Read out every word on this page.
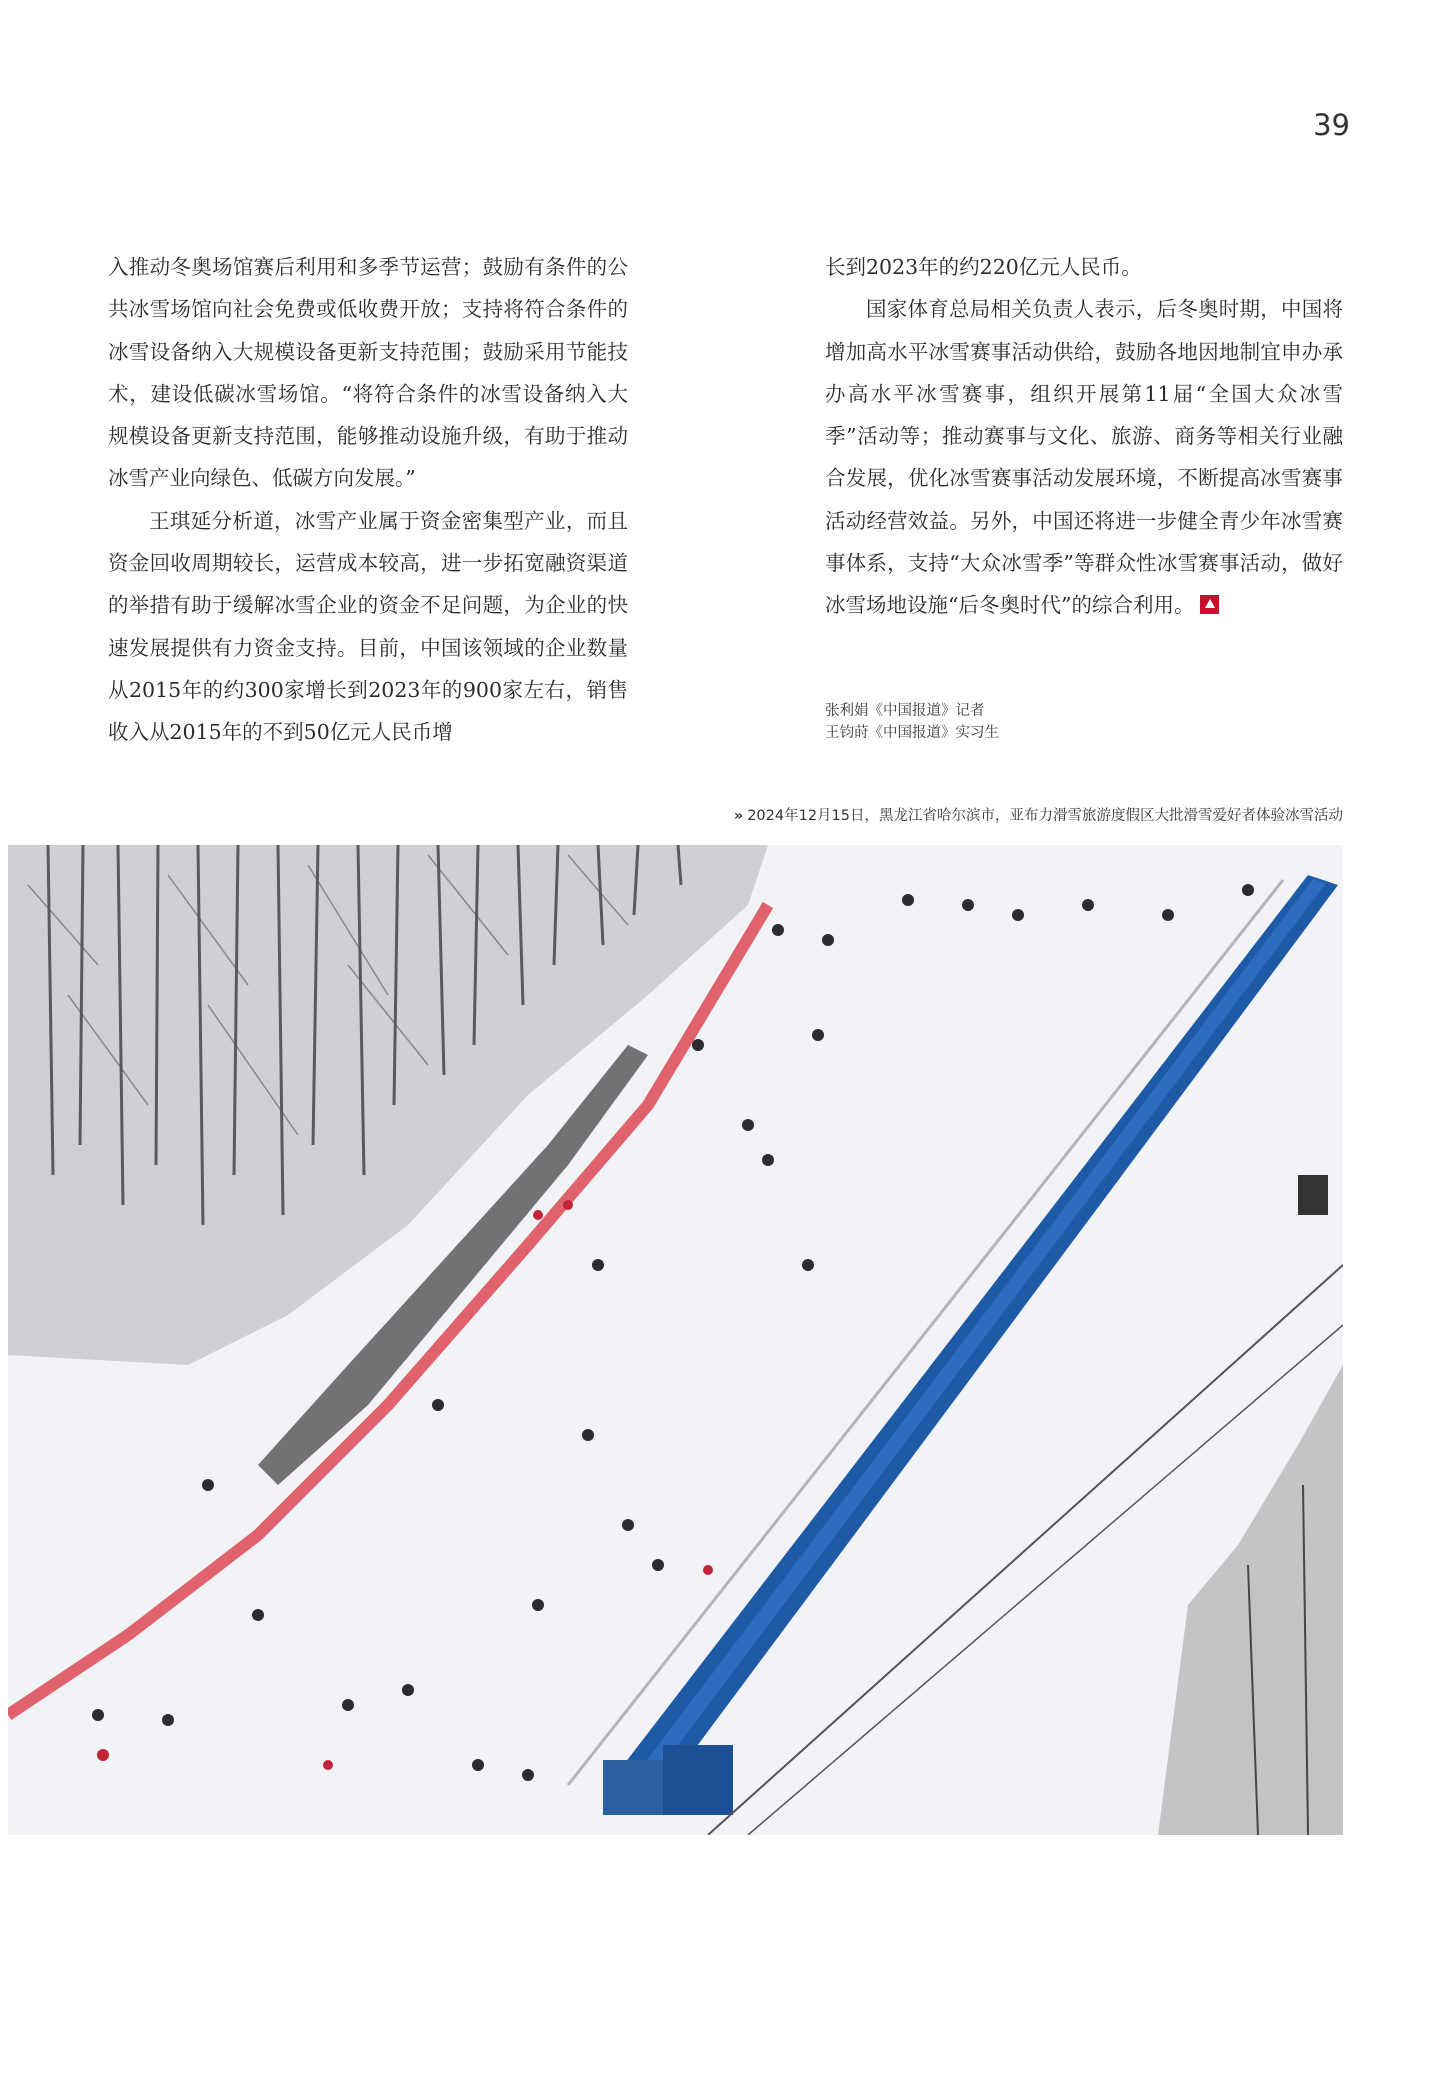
39

入推动冬奥场馆赛后利用和多季节运营；鼓励有条件的公共冰雪场馆向社会免费或低收费开放；支持将符合条件的冰雪设备纳入大规模设备更新支持范围；鼓励采用节能技术，建设低碳冰雪场馆。“将符合条件的冰雪设备纳入大规模设备更新支持范围，能够推动设施升级，有助于推动冰雪产业向绿色、低碳方向发展。”

王琪延分析道，冰雪产业属于资金密集型产业，而且资金回收周期较长，运营成本较高，进一步拓宽融资渠道的举措有助于缓解冰雪企业的资金不足问题，为企业的快速发展提供有力资金支持。目前，中国该领域的企业数量从2015年的约300家增长到2023年的900家左右，销售收入从2015年的不到50亿元人民币增

长到2023年的约220亿元人民币。

国家体育总局相关负责人表示，后冬奥时期，中国将增加高水平冰雪赛事活动供给，鼓励各地因地制宜申办承办高水平冰雪赛事，组织开展第11届“全国大众冰雪季”活动等；推动赛事与文化、旅游、商务等相关行业融合发展，优化冰雪赛事活动发展环境，不断提高冰雪赛事活动经营效益。另外，中国还将进一步健全青少年冰雪赛事体系，支持“大众冰雪季”等群众性冰雪赛事活动，做好冰雪场地设施“后冬奥时代”的综合利用。

张利娟《中国报道》记者
王钧莳《中国报道》实习生
» 2024年12月15日，黑龙江省哈尔滨市，亚布力滑雪旅游度假区大批滑雪爱好者体验冰雪活动
